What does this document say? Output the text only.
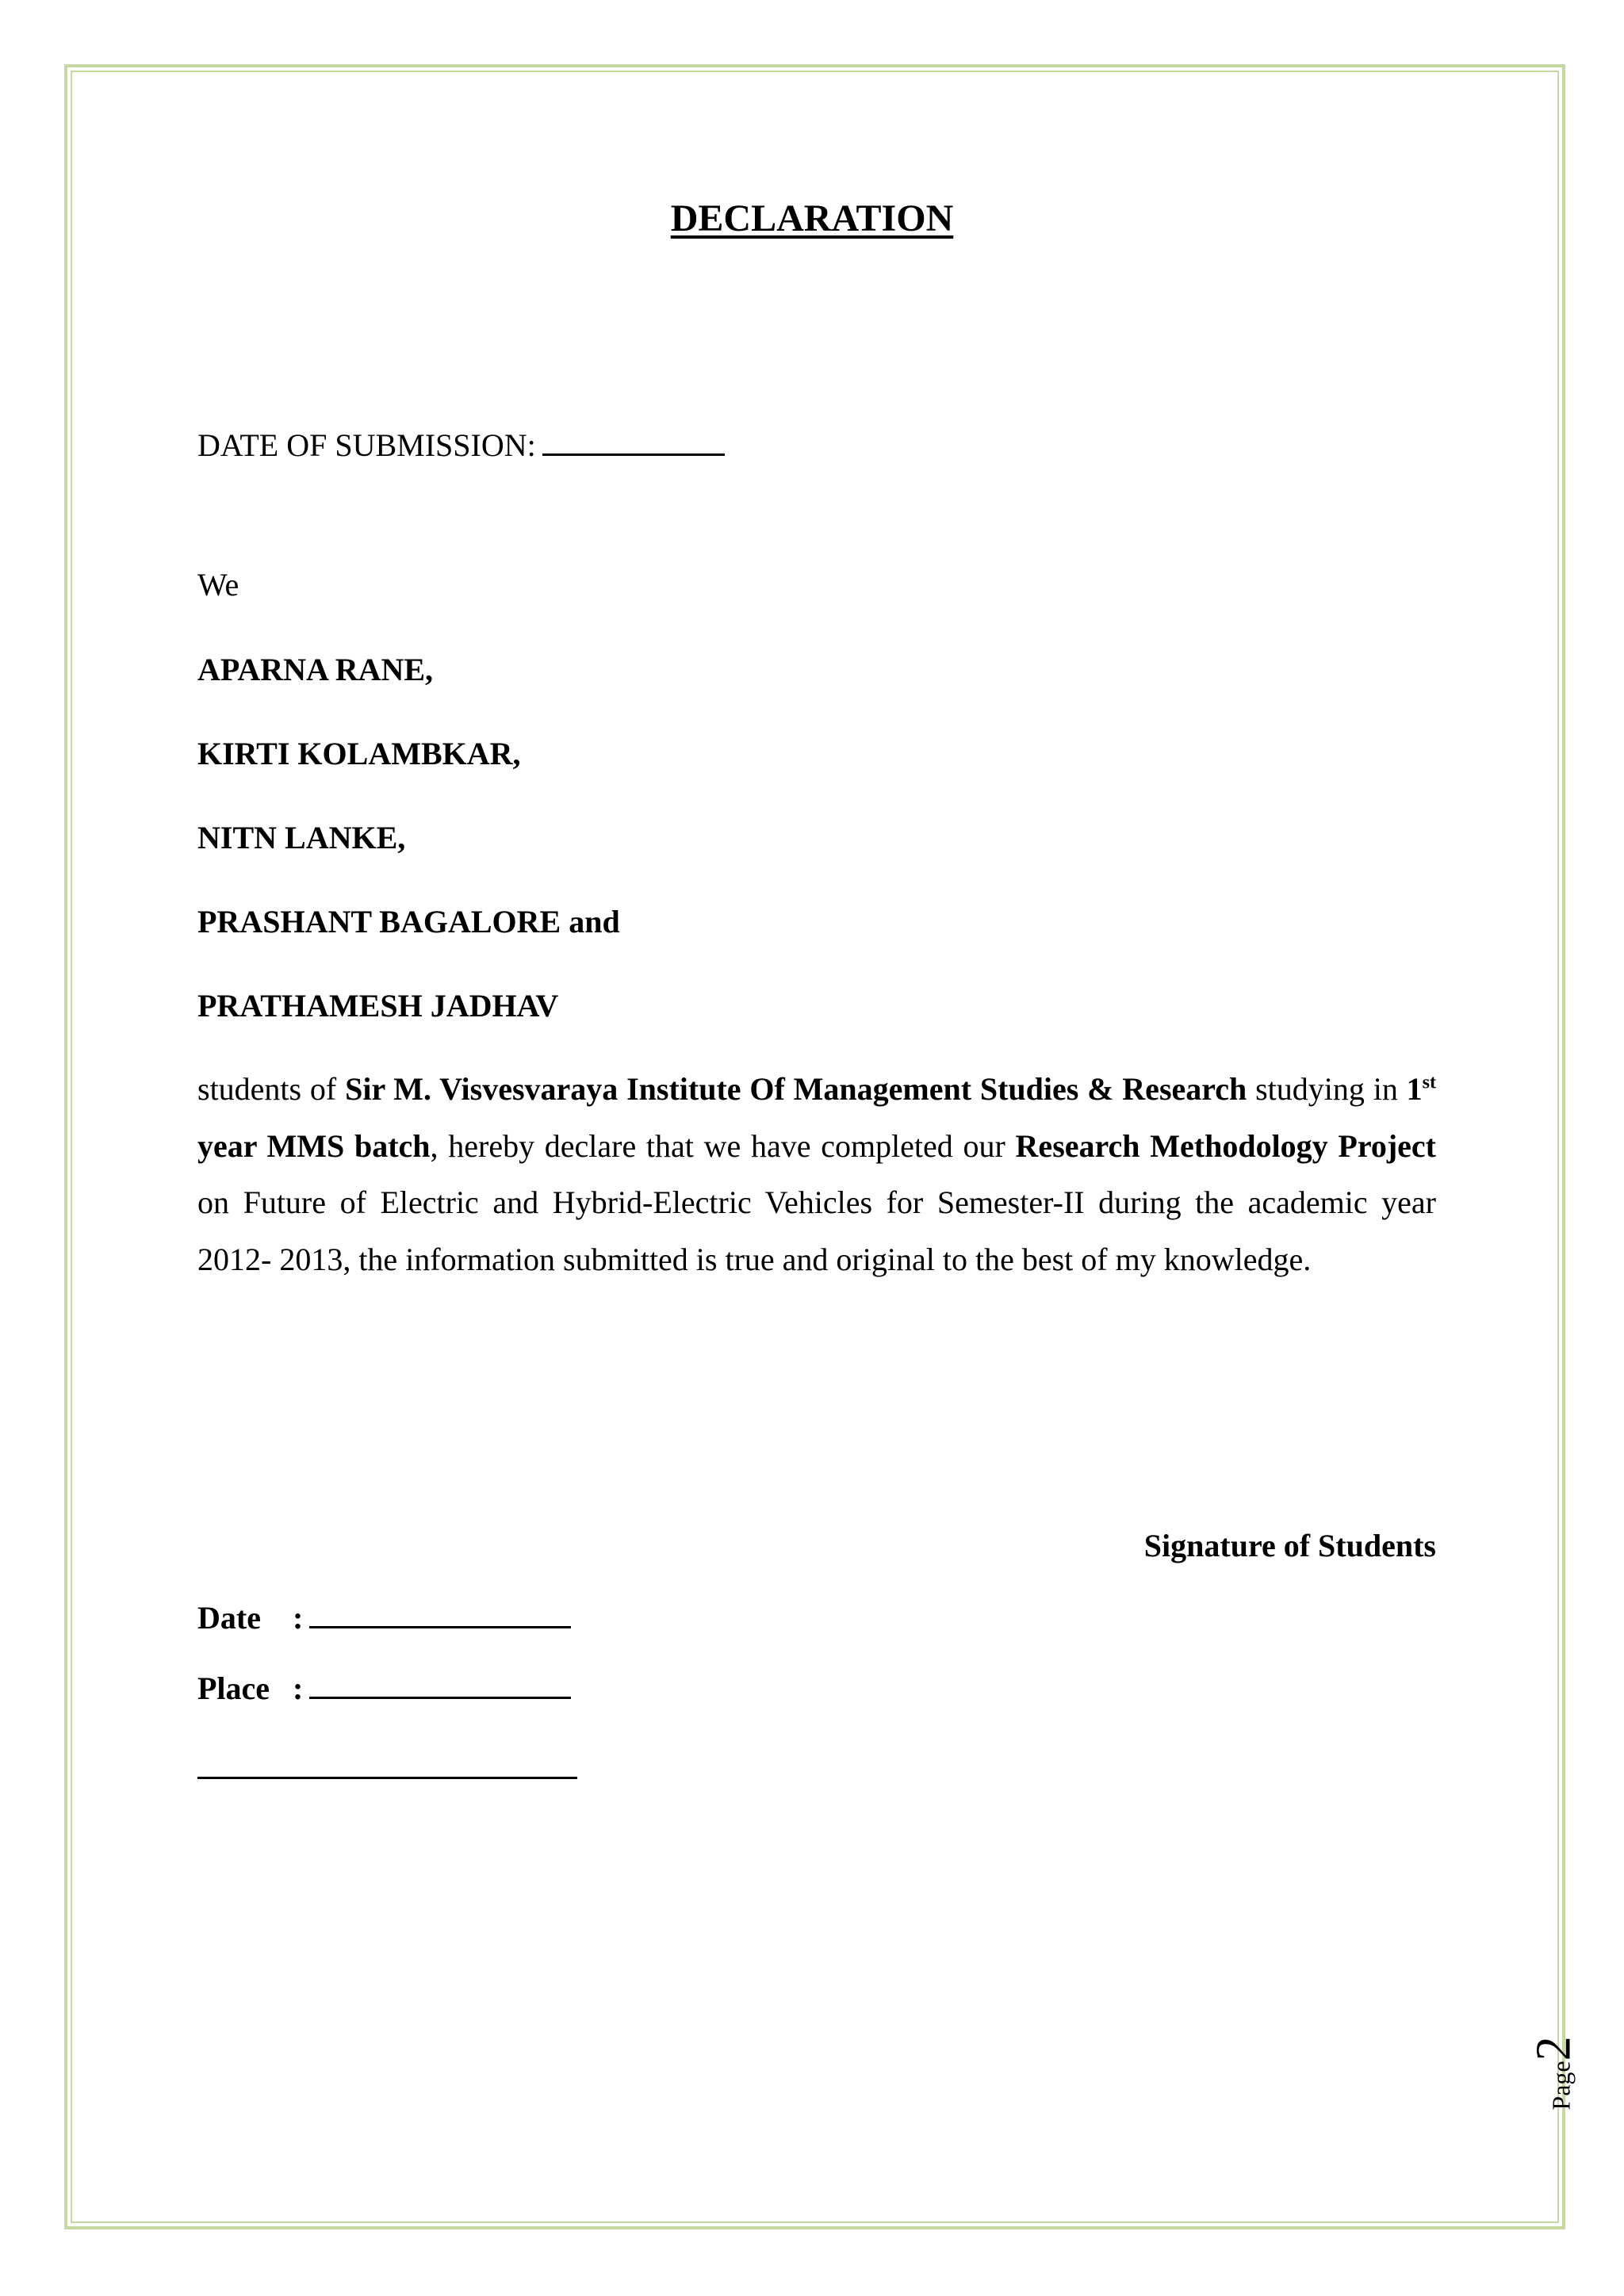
DECLARATION
DATE OF SUBMISSION:
We
APARNA RANE,
KIRTI KOLAMBKAR,
NITN LANKE,
PRASHANT BAGALORE and
PRATHAMESH JADHAV

students of Sir M. Visvesvaraya Institute Of Management Studies & Research studying in 1st year MMS batch, hereby declare that we have completed our Research Methodology Project on Future of Electric and Hybrid-Electric Vehicles for Semester-II during the academic year 2012- 2013, the information submitted is true and original to the best of my knowledge.

Signature of Students
Date :
Place :
Page2
